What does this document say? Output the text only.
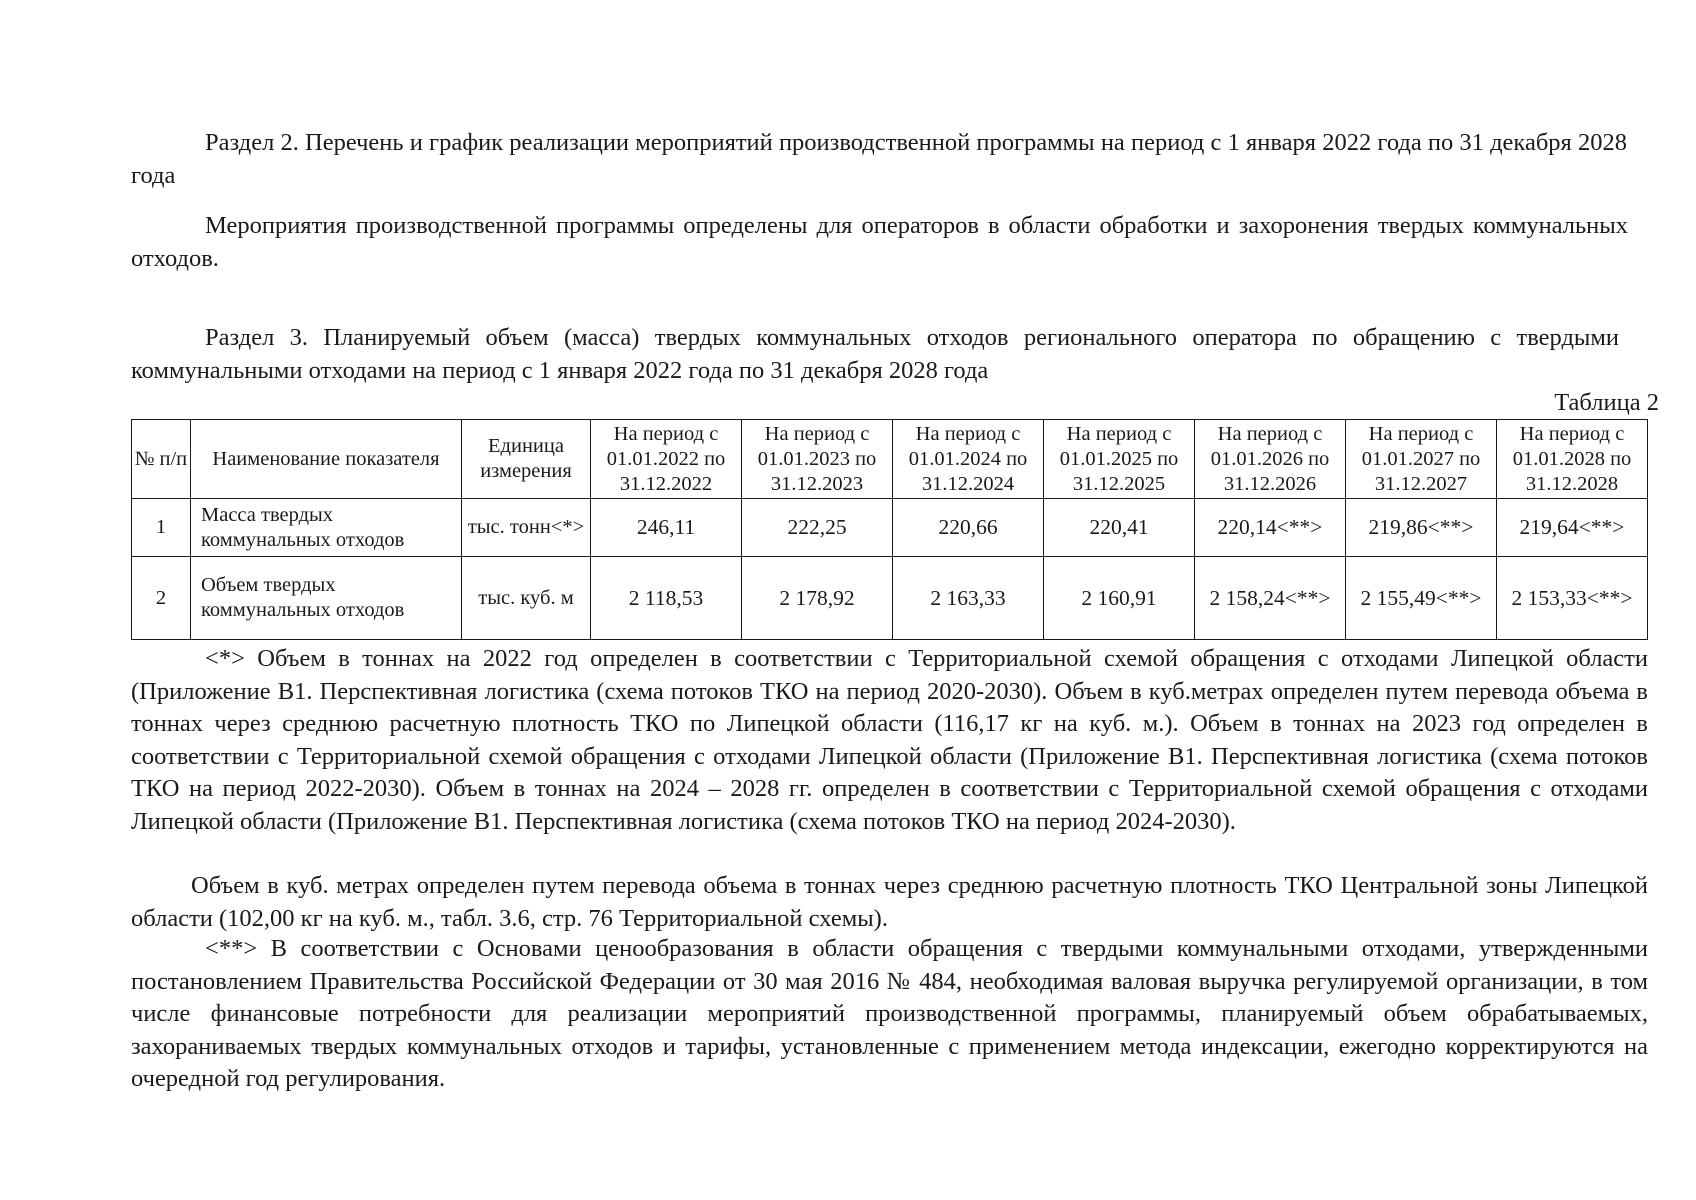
Раздел 2. Перечень и график реализации мероприятий производственной программы на период с 1 января 2022 года по 31 декабря 2028 года

Мероприятия производственной программы определены для операторов в области обработки и захоронения твердых коммунальных отходов.

Раздел 3. Планируемый объем (масса) твердых коммунальных отходов регионального оператора по обращению с твердыми коммунальными отходами на период с 1 января 2022 года по 31 декабря 2028 года

Таблица 2
№ п/п	Наименование показателя	Единица измерения	На период с 01.01.2022 по 31.12.2022	На период с 01.01.2023 по 31.12.2023	На период с 01.01.2024 по 31.12.2024	На период с 01.01.2025 по 31.12.2025	На период с 01.01.2026 по 31.12.2026	На период с 01.01.2027 по 31.12.2027	На период с 01.01.2028 по 31.12.2028
1	Масса твердых коммунальных отходов	тыс. тонн<*>	246,11	222,25	220,66	220,41	220,14<**>	219,86<**>	219,64<**>
2	Объем твердых коммунальных отходов	тыс. куб. м	2 118,53	2 178,92	2 163,33	2 160,91	2 158,24<**>	2 155,49<**>	2 153,33<**>

<*> Объем в тоннах на 2022 год определен в соответствии с Территориальной схемой обращения с отходами Липецкой области (Приложение В1. Перспективная логистика (схема потоков ТКО на период 2020-2030). Объем в куб.метрах определен путем перевода объема в тоннах через среднюю расчетную плотность ТКО по Липецкой области (116,17 кг на куб. м.). Объем в тоннах на 2023 год определен в соответствии с Территориальной схемой обращения с отходами Липецкой области (Приложение В1. Перспективная логистика (схема потоков ТКО на период 2022-2030). Объем в тоннах на 2024 – 2028 гг. определен в соответствии с Территориальной схемой обращения с отходами Липецкой области (Приложение В1. Перспективная логистика (схема потоков ТКО на период 2024-2030).

Объем в куб. метрах определен путем перевода объема в тоннах через среднюю расчетную плотность ТКО Центральной зоны Липецкой области (102,00 кг на куб. м., табл. 3.6, стр. 76 Территориальной схемы).

<**> В соответствии с Основами ценообразования в области обращения с твердыми коммунальными отходами, утвержденными постановлением Правительства Российской Федерации от 30 мая 2016 № 484, необходимая валовая выручка регулируемой организации, в том числе финансовые потребности для реализации мероприятий производственной программы, планируемый объем обрабатываемых, захораниваемых твердых коммунальных отходов и тарифы, установленные с применением метода индексации, ежегодно корректируются на очередной год регулирования.
